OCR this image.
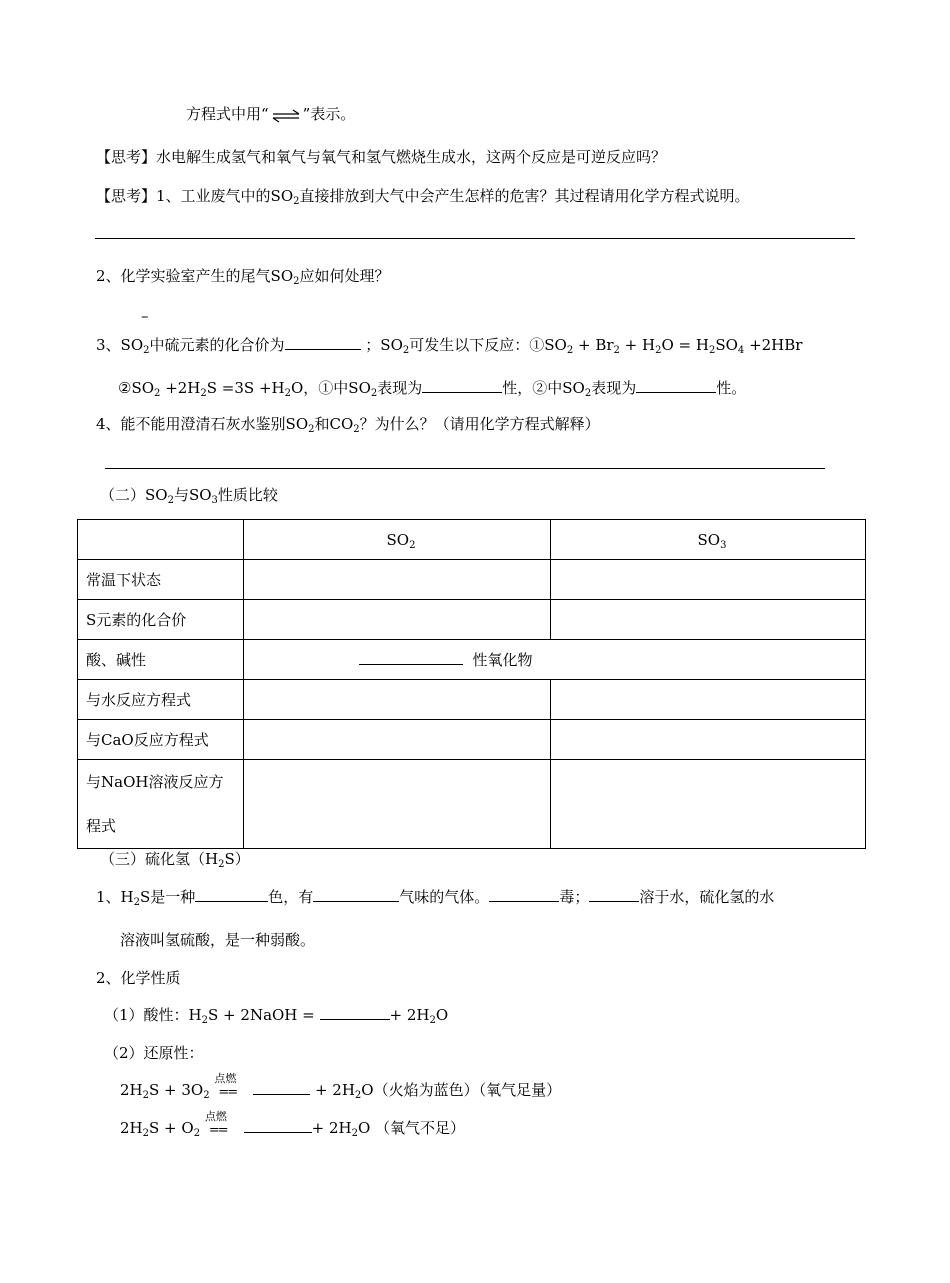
方程式中用“⇌”表示。
【思考】水电解生成氢气和氧气与氧气和氢气燃烧生成水，这两个反应是可逆反应吗？
【思考】1、工业废气中的$SO_2$直接排放到大气中会产生怎样的危害？其过程请用化学方程式说明。
2、化学实验室产生的尾气$SO_2$应如何处理？
–
3、$SO_2$中硫元素的化合价为	；$SO_2$可发生以下反应：$①SO_2 + Br_2 + H_2O = H_2SO_4 +2HBr$
$②SO_2 +2H_2S =3S +H_2O$，①中$SO_2$表现为	性，②中$SO_2$表现为	性。
4、能不能用澄清石灰水鉴别$SO_2$和$CO_2$？为什么？（请用化学方程式解释）
（二）$SO_2$与$SO_3$性质比较
	$SO_2$	$SO_3$
常温下状态		
S元素的化合价		
酸、碱性	性氧化物	
与水反应方程式		
与CaO反应方程式		
与NaOH溶液反应方
程式		
（三）硫化氢$(H_2S)$
1、$H_2S$是一种	色，有	气味的气体。	毒；	溶于水，硫化氢的水
溶液叫氢硫酸，是一种弱酸。
2、化学性质
（1）酸性：$H_2S$ + 2NaOH =	+ $2H_2O$
（2）还原性：
$2H_2S + 3O_2$
点燃
==	+ $2H_2O$（火焰为蓝色）（氧气足量）
$2H_2S + O_2$
点燃
==	+ $2H_2O$ （氧气不足）
